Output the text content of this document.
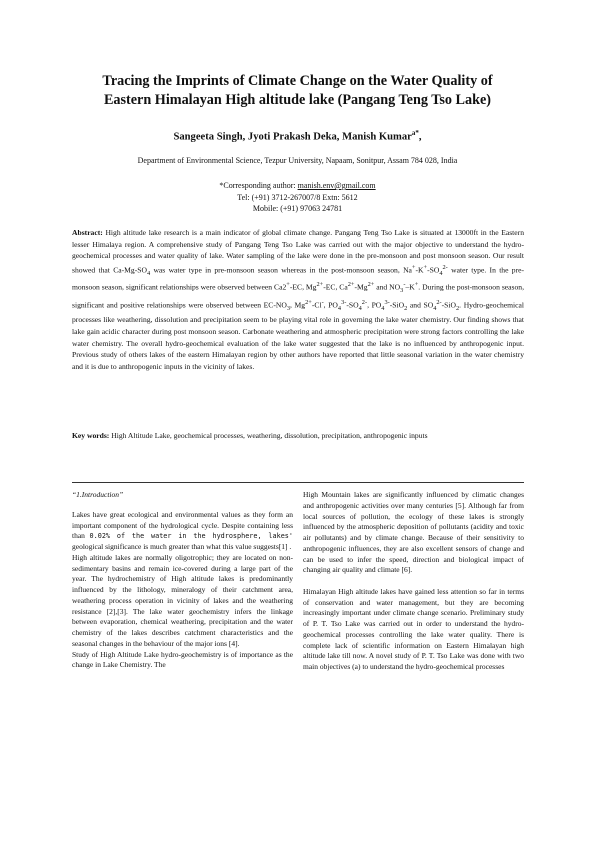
Tracing the Imprints of Climate Change on the Water Quality of
Eastern Himalayan High altitude lake (Pangang Teng Tso Lake)
Sangeeta Singh, Jyoti Prakash Deka, Manish Kumar$^{a*}$,
Department of Environmental Science, Tezpur University, Napaam, Sonitpur, Assam 784 028, India
*Corresponding author: manish.env@gmail.com
Tel: (+91) 3712-267007/8 Extn: 5612
Mobile: (+91) 97063 24781
Abstract: High altitude lake research is a main indicator of global climate change. Pangang Teng Tso Lake is situated at 13000ft in the Eastern lesser Himalaya region. A comprehensive study of Pangang Teng Tso Lake was carried out with the major objective to understand the hydro-geochemical processes and water quality of lake. Water sampling of the lake were done in the pre-monsoon and post monsoon season. Our result showed that $Ca-Mg-SO_4$ was water type in pre-monsoon season whereas in the post-monsoon season, $Na^+-K^+-SO_4^{2-}$ water type. In the pre-monsoon season, significant relationships were observed between Ca2+-EC, $Mg^{2+}-EC$, $Ca^{2+}-Mg^{2+}$ and $NO_3^--K^+$. During the post-monsoon season, significant and positive relationships were observed between $EC-NO_3$, $Mg^{2+}-Cl^-$, $PO_4^{3-}-SO_4^{2-}$, $PO_4^{3-}-SiO_2$ and $SO_4^{2-}-SiO_2$. Hydro-geochemical processes like weathering, dissolution and precipitation seem to be playing vital role in governing the lake water chemistry. Our finding shows that lake gain acidic character during post monsoon season. Carbonate weathering and atmospheric precipitation were strong factors controlling the lake water chemistry. The overall hydro-geochemical evaluation of the lake water suggested that the lake is no influenced by anthropogenic input. Previous study of others lakes of the eastern Himalayan region by other authors have reported that little seasonal variation in the water chemistry and it is due to anthropogenic inputs in the vicinity of lakes.
Key words: High Altitude Lake, geochemical processes, weathering, dissolution, precipitation, anthropogenic inputs

“1.Introduction”

Lakes have great ecological and environmental values as they form an important component of the hydrological cycle. Despite containing less than 0.02% of the water in the hydrosphere, lakes' geological significance is much greater than what this value suggests[1] .

High altitude lakes are normally oligotrophic; they are located on non-sedimentary basins and remain ice-covered during a large part of the year. The hydrochemistry of High altitude lakes is predominantly influenced by the lithology, mineralogy of their catchment area, weathering process operation in vicinity of lakes and the weathering resistance [2],[3]. The lake water geochemistry infers the linkage between evaporation, chemical weathering, precipitation and the water chemistry of the lakes describes catchment characteristics and the seasonal changes in the behaviour of the major ions [4].

Study of High Altitude Lake hydro-geochemistry is of importance as the change in Lake Chemistry. The

High Mountain lakes are significantly influenced by climatic changes and anthropogenic activities over many centuries [5]. Although far from local sources of pollution, the ecology of these lakes is strongly influenced by the atmospheric deposition of pollutants (acidity and toxic air pollutants) and by climate change. Because of their sensitivity to anthropogenic influences, they are also excellent sensors of change and can be used to infer the speed, direction and biological impact of changing air quality and climate [6].

Himalayan High altitude lakes have gained less attention so far in terms of conservation and water management, but they are becoming increasingly important under climate change scenario. Preliminary study of P. T. Tso Lake was carried out in order to understand the hydro-geochemical processes controlling the lake water quality. There is complete lack of scientific information on Eastern Himalayan high altitude lake till now. A novel study of P. T. Tso Lake was done with two main objectives (a) to understand the hydro-geochemical processes
